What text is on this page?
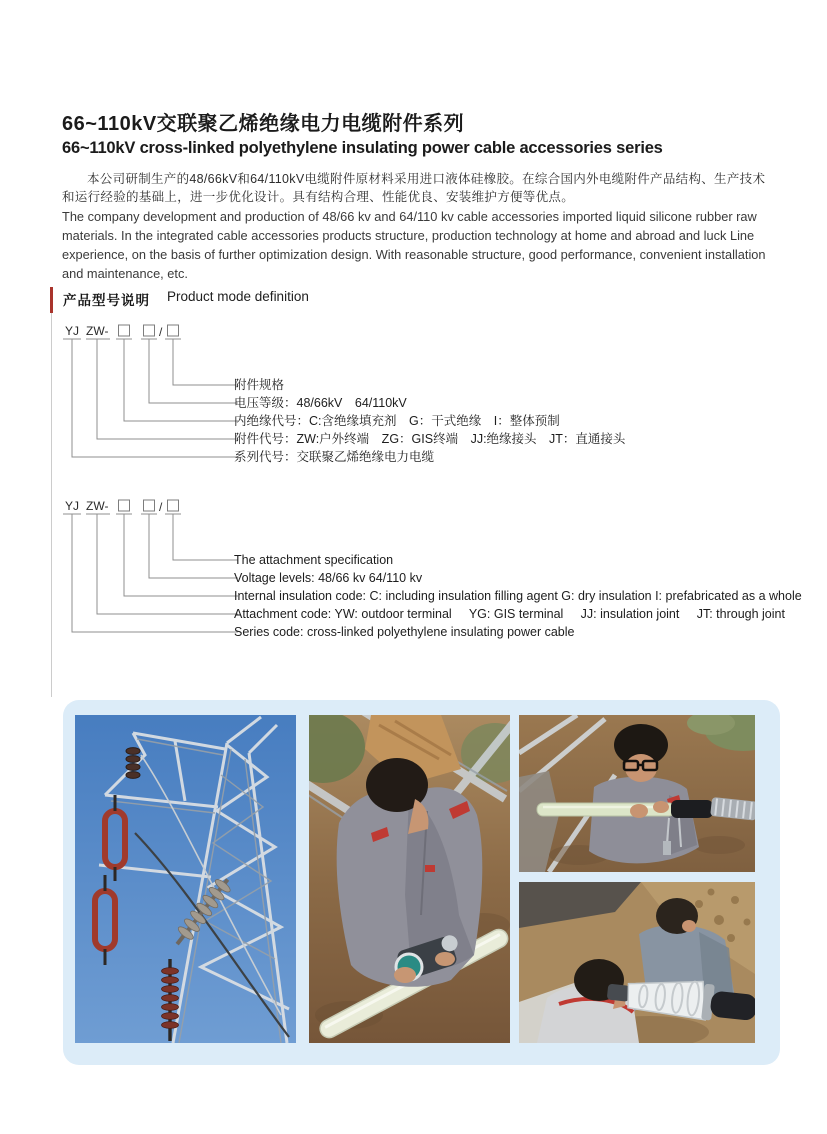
66~110kV交联聚乙烯绝缘电力电缆附件系列
66~110kV cross-linked polyethylene insulating power cable accessories series

本公司研制生产的48/66kV和64/110kV电缆附件原材料采用进口液体硅橡胶。在综合国内外电缆附件产品结构、生产技术和运行经验的基础上，进一步优化设计。具有结构合理、性能优良、安装维护方便等优点。

The company development and production of 48/66 kv and 64/110 kv cable accessories imported liquid silicone rubber raw materials. In the integrated cable accessories products structure, production technology at home and abroad and luck Line experience, on the basis of further optimization design. With reasonable structure, good performance, convenient installation and maintenance, etc.

产品型号说明 Product mode definition
YJ ZW-	/
附件规格
电压等级：48/66kV　64/110kV
内绝缘代号：C:含绝缘填充剂　G：干式绝缘　I：整体预制
附件代号：ZW:户外终端　ZG：GIS终端　JJ:绝缘接头　JT：直通接头
系列代号：交联聚乙烯绝缘电力电缆
YJ ZW-	/
The attachment specification
Voltage levels: 48/66 kv 64/110 kv
Internal insulation code: C: including insulation filling agent G: dry insulation I: prefabricated as a whole
Attachment code: YW: outdoor terminal     YG: GIS terminal     JJ: insulation joint     JT: through joint
Series code: cross-linked polyethylene insulating power cable
